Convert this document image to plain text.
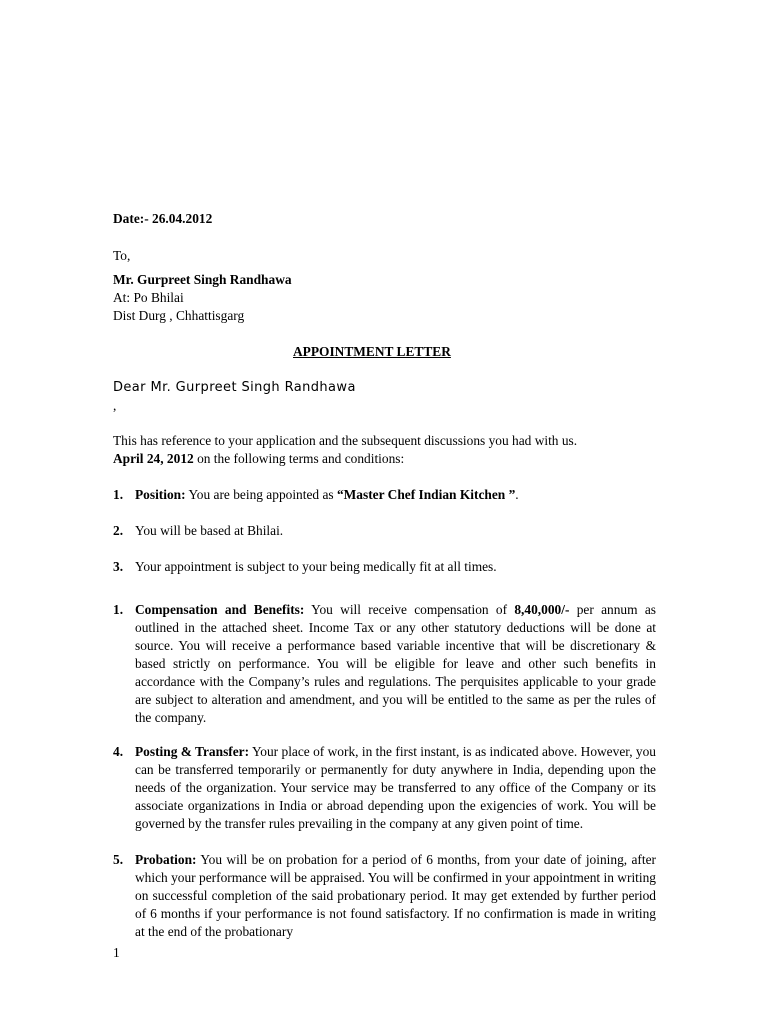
Date:- 26.04.2012
To,
Mr. Gurpreet Singh Randhawa
At: Po Bhilai
Dist Durg , Chhattisgarg
APPOINTMENT LETTER
Dear Mr. Gurpreet Singh Randhawa
,
This has reference to your application and the subsequent discussions you had with us.
April 24, 2012 on the following terms and conditions:
1. Position: You are being appointed as “Master Chef Indian Kitchen ”.
2. You will be based at Bhilai.
3. Your appointment is subject to your being medically fit at all times.
1. Compensation and Benefits: You will receive compensation of 8,40,000/- per annum as outlined in the attached sheet. Income Tax or any other statutory deductions will be done at source. You will receive a performance based variable incentive that will be discretionary & based strictly on performance. You will be eligible for leave and other such benefits in accordance with the Company’s rules and regulations. The perquisites applicable to your grade are subject to alteration and amendment, and you will be entitled to the same as per the rules of the company.
4. Posting & Transfer: Your place of work, in the first instant, is as indicated above. However, you can be transferred temporarily or permanently for duty anywhere in India, depending upon the needs of the organization. Your service may be transferred to any office of the Company or its associate organizations in India or abroad depending upon the exigencies of work. You will be governed by the transfer rules prevailing in the company at any given point of time.
5. Probation: You will be on probation for a period of 6 months, from your date of joining, after which your performance will be appraised. You will be confirmed in your appointment in writing on successful completion of the said probationary period. It may get extended by further period of 6 months if your performance is not found satisfactory. If no confirmation is made in writing at the end of the probationary
1
